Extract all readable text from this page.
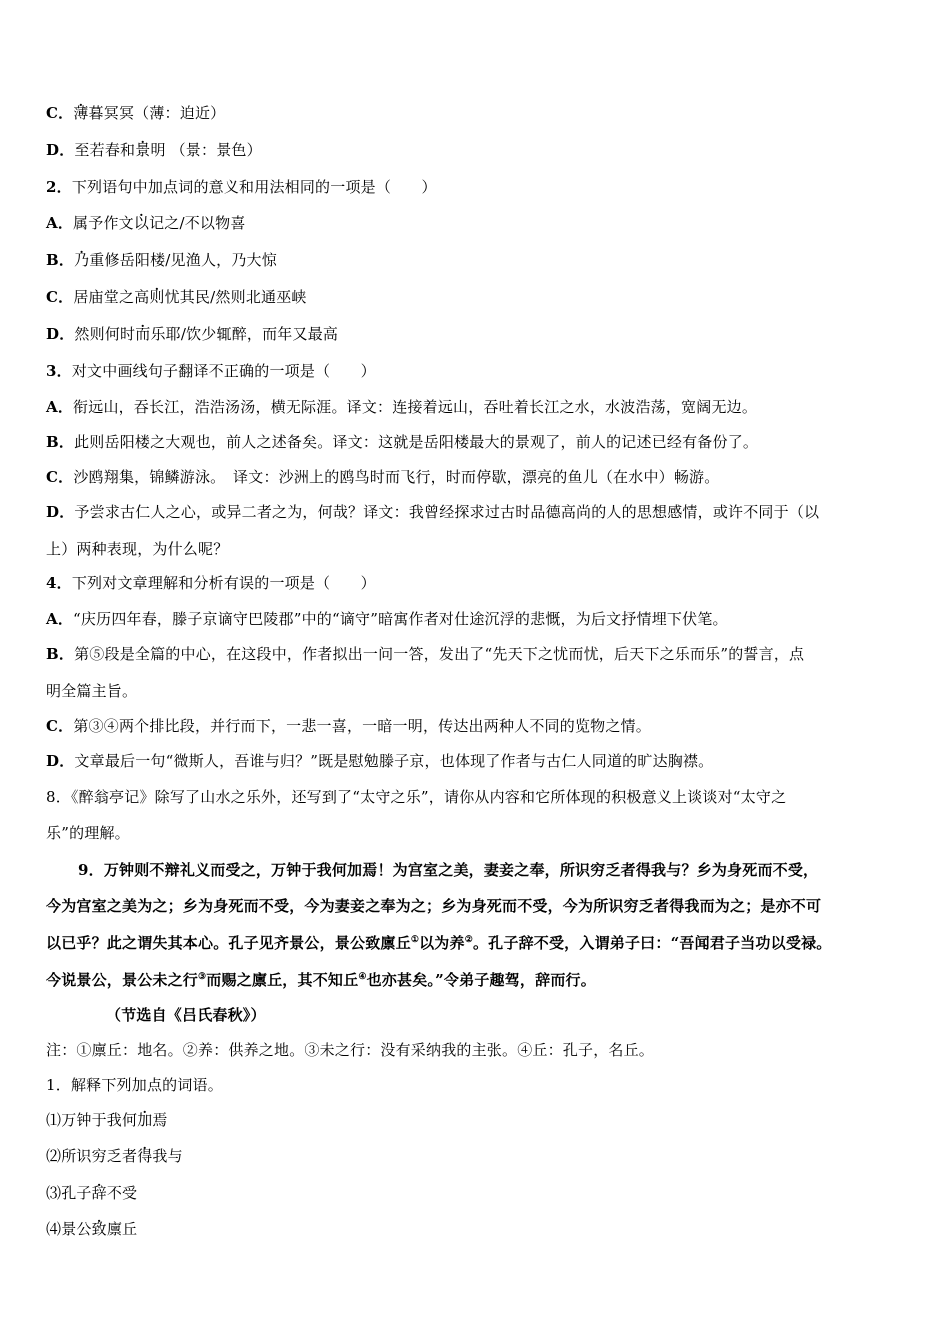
C．薄暮冥冥（薄：迫近）
D．至若春和景明 （景：景色）
2．下列语句中加点词的意义和用法相同的一项是（　　）
A．属予作文以记之/不以物喜
B．乃重修岳阳楼/见渔人，乃大惊
C．居庙堂之高则忧其民/然则北通巫峡
D．然则何时而乐耶/饮少辄醉，而年又最高
3．对文中画线句子翻译不正确的一项是（　　）
A．衔远山，吞长江，浩浩汤汤，横无际涯。译文：连接着远山，吞吐着长江之水，水波浩荡，宽阔无边。
B．此则岳阳楼之大观也，前人之述备矣。译文：这就是岳阳楼最大的景观了，前人的记述已经有备份了。
C．沙鸥翔集，锦鳞游泳。　译文：沙洲上的鸥鸟时而飞行，时而停歇，漂亮的鱼儿（在水中）畅游。
D．予尝求古仁人之心，或异二者之为，何哉？译文：我曾经探求过古时品德高尚的人的思想感情，或许不同于（以
上）两种表现，为什么呢？
4．下列对文章理解和分析有误的一项是（　　）
A．“庆历四年春，滕子京谪守巴陵郡”中的“谪守”暗寓作者对仕途沉浮的悲慨，为后文抒情埋下伏笔。
B．第⑤段是全篇的中心，在这段中，作者拟出一问一答，发出了“先天下之忧而忧，后天下之乐而乐”的誓言，点
明全篇主旨。
C．第③④两个排比段，并行而下，一悲一喜，一暗一明，传达出两种人不同的览物之情。
D．文章最后一句“微斯人，吾谁与归？”既是慰勉滕子京，也体现了作者与古仁人同道的旷达胸襟。
8．《醉翁亭记》除写了山水之乐外，还写到了“太守之乐”，请你从内容和它所体现的积极意义上谈谈对“太守之
乐”的理解。
9．万钟则不辩礼义而受之，万钟于我何加焉！为宫室之美，妻妾之奉，所识穷乏者得我与？乡为身死而不受，
今为宫室之美为之；乡为身死而不受，今为妻妾之奉为之；乡为身死而不受，今为所识穷乏者得我而为之；是亦不可
以已乎？此之谓失其本心。孔子见齐景公，景公致廪丘①以为养②。孔子辞不受，入谓弟子曰：“吾闻君子当功以受禄。
今说景公，景公未之行③而赐之廪丘，其不知丘④也亦甚矣。”令弟子趣驾，辞而行。
（节选自《吕氏春秋》）
注：①廪丘：地名。②养：供养之地。③未之行：没有采纳我的主张。④丘：孔子，名丘。
1．解释下列加点的词语。
⑴万钟于我何加焉
⑵所识穷乏者得我与
⑶孔子辞不受
⑷景公致廪丘
